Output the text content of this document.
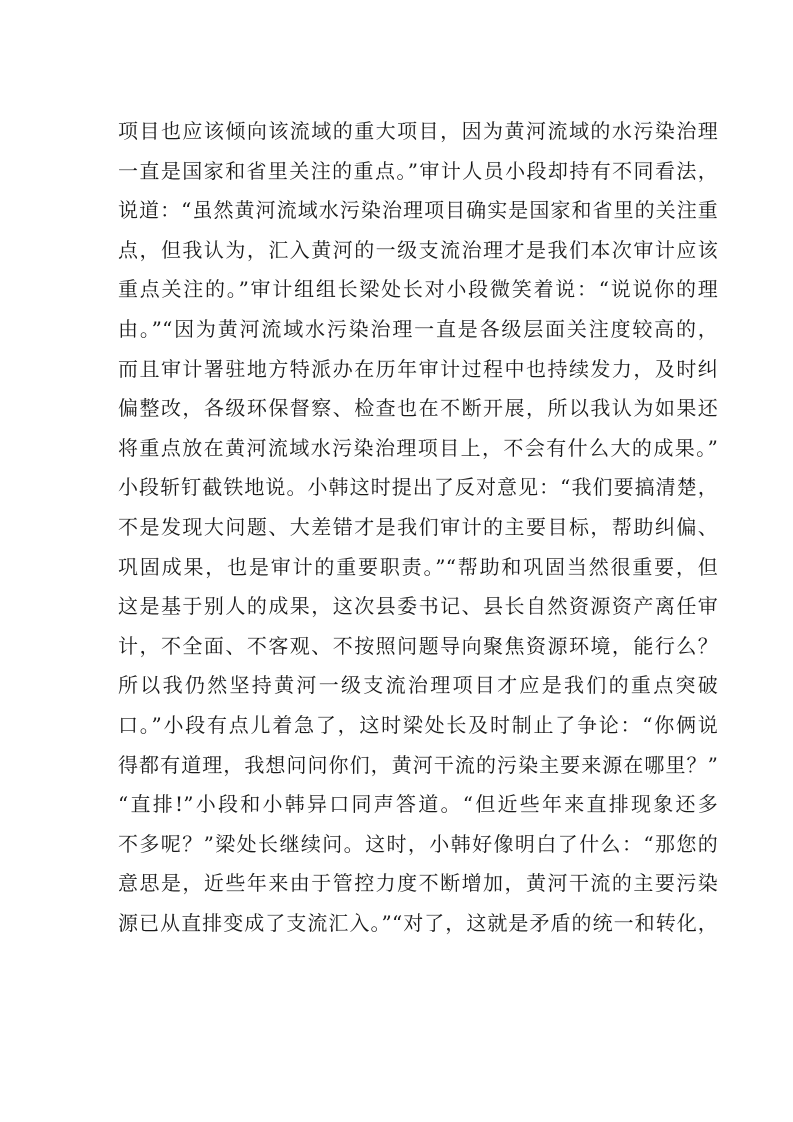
项目也应该倾向该流域的重大项目，因为黄河流域的水污染治理
一直是国家和省里关注的重点。”审计人员小段却持有不同看法，
说道：“虽然黄河流域水污染治理项目确实是国家和省里的关注重
点，但我认为，汇入黄河的一级支流治理才是我们本次审计应该
重点关注的。”审计组组长梁处长对小段微笑着说：“说说你的理
由。”“因为黄河流域水污染治理一直是各级层面关注度较高的，
而且审计署驻地方特派办在历年审计过程中也持续发力，及时纠
偏整改，各级环保督察、检查也在不断开展，所以我认为如果还
将重点放在黄河流域水污染治理项目上，不会有什么大的成果。”
小段斩钉截铁地说。小韩这时提出了反对意见：“我们要搞清楚，
不是发现大问题、大差错才是我们审计的主要目标，帮助纠偏、
巩固成果，也是审计的重要职责。”“帮助和巩固当然很重要，但
这是基于别人的成果，这次县委书记、县长自然资源资产离任审
计，不全面、不客观、不按照问题导向聚焦资源环境，能行么？
所以我仍然坚持黄河一级支流治理项目才应是我们的重点突破
口。”小段有点儿着急了，这时梁处长及时制止了争论：“你俩说
得都有道理，我想问问你们，黄河干流的污染主要来源在哪里？”
“直排!”小段和小韩异口同声答道。“但近些年来直排现象还多
不多呢？”梁处长继续问。这时，小韩好像明白了什么：“那您的
意思是，近些年来由于管控力度不断增加，黄河干流的主要污染
源已从直排变成了支流汇入。”“对了，这就是矛盾的统一和转化，
